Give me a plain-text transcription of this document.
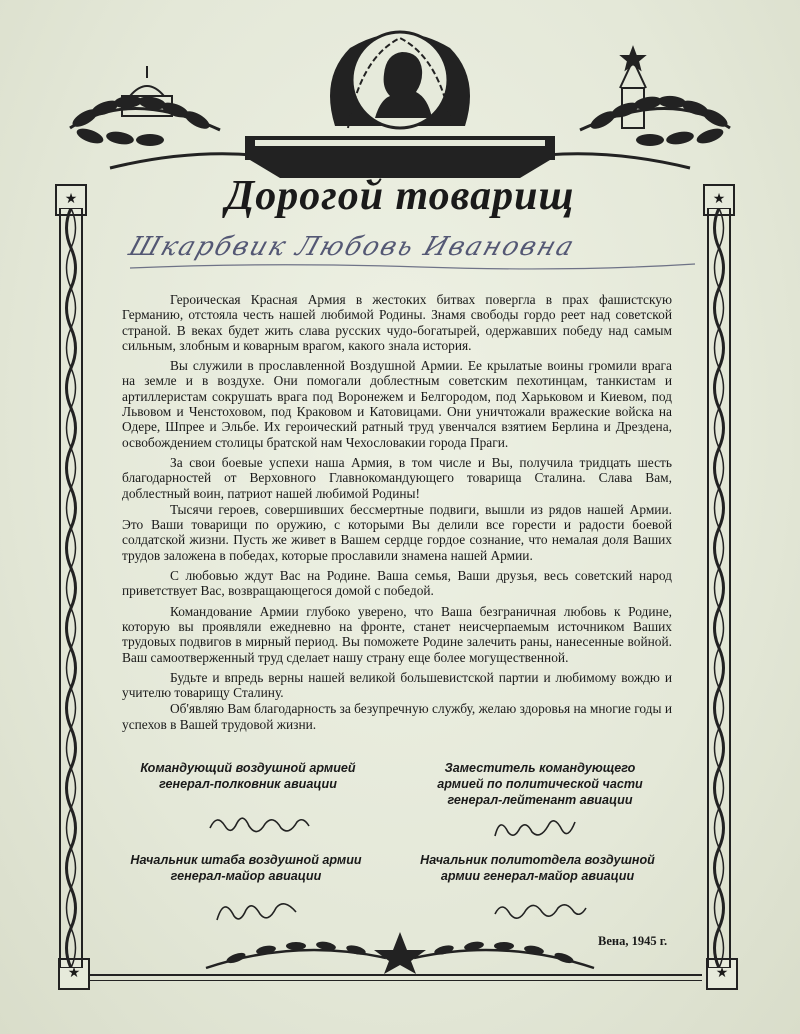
★	★
★	★
Дорогой товарищ
Шкарбвик Любовь Ивановна

Героическая Красная Армия в жестоких битвах повергла в прах фашистскую Германию, отстояла честь нашей любимой Родины. Знамя свободы гордо реет над советской страной. В веках будет жить слава русских чудо-богатырей, одержавших победу над самым сильным, злобным и коварным врагом, какого знала история.

Вы служили в прославленной Воздушной Армии. Ее крылатые воины громили врага на земле и в воздухе. Они помогали доблестным советским пехотинцам, танкистам и артиллеристам сокрушать врага под Воронежем и Белгородом, под Харьковом и Киевом, под Львовом и Ченстоховом, под Краковом и Катовицами. Они уничтожали вражеские войска на Одере, Шпрее и Эльбе. Их героический ратный труд увенчался взятием Берлина и Дрездена, освобождением столицы братской нам Чехословакии города Праги.

За свои боевые успехи наша Армия, в том числе и Вы, получила тридцать шесть благодарностей от Верховного Главнокомандующего товарища Сталина. Слава Вам, доблестный воин, патриот нашей любимой Родины!

Тысячи героев, совершивших бессмертные подвиги, вышли из рядов нашей Армии. Это Ваши товарищи по оружию, с которыми Вы делили все горести и радости боевой солдатской жизни. Пусть же живет в Вашем сердце гордое сознание, что немалая доля Ваших трудов заложена в победах, которые прославили знамена нашей Армии.

С любовью ждут Вас на Родине. Ваша семья, Ваши друзья, весь советский народ приветствует Вас, возвращающегося домой с победой.

Командование Армии глубоко уверено, что Ваша безграничная любовь к Родине, которую вы проявляли ежедневно на фронте, станет неисчерпаемым источником Ваших трудовых подвигов в мирный период. Вы поможете Родине залечить раны, нанесенные войной. Ваш самоотверженный труд сделает нашу страну еще более могущественной.

Будьте и впредь верны нашей великой большевистской партии и любимому вождю и учителю товарищу Сталину.

Об'являю Вам благодарность за безупречную службу, желаю здоровья на многие годы и успехов в Вашей трудовой жизни.

Командующий воздушной армией
генерал-полковник авиации
Заместитель командующего
армией по политической части
генерал-лейтенант авиации
Начальник штаба воздушной армии
генерал-майор авиации
Начальник политотдела воздушной
армии генерал-майор авиации
Вена, 1945 г.
